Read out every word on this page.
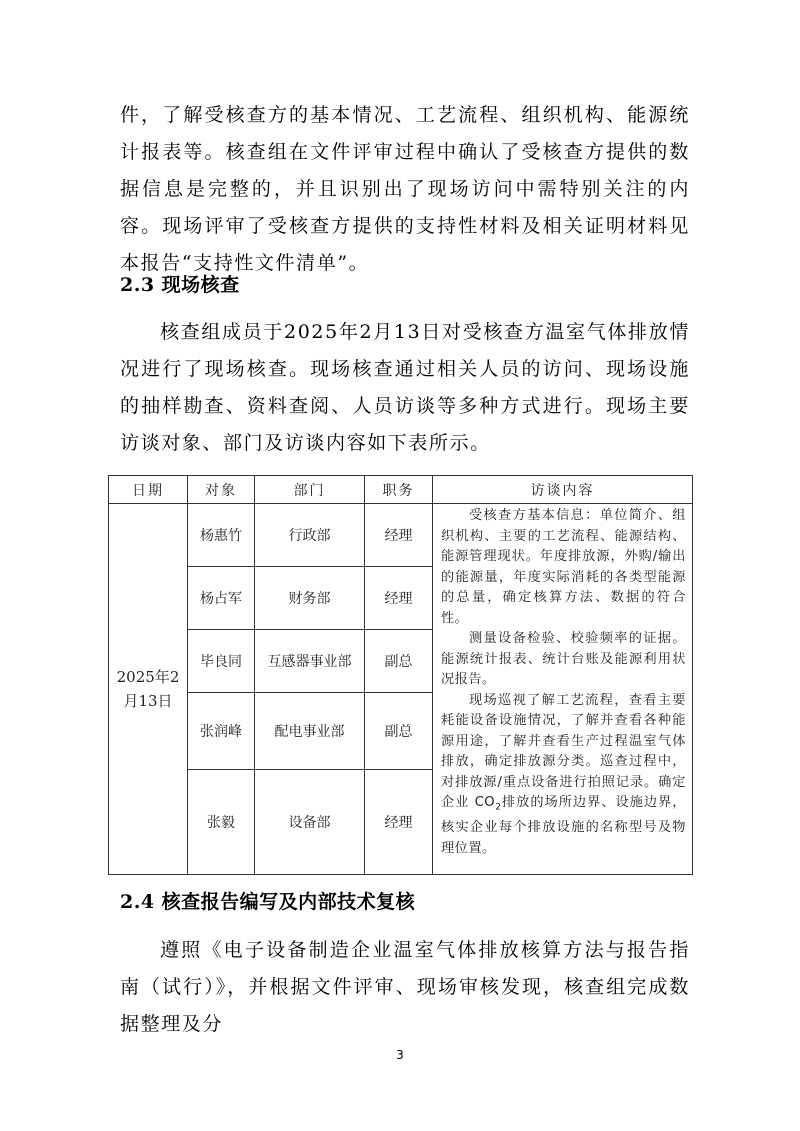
件，了解受核查方的基本情况、工艺流程、组织机构、能源统计报表等。核查组在文件评审过程中确认了受核查方提供的数据信息是完整的，并且识别出了现场访问中需特别关注的内容。现场评审了受核查方提供的支持性材料及相关证明材料见本报告“支持性文件清单”。

2.3 现场核查

核查组成员于2025年2月13日对受核查方温室气体排放情况进行了现场核查。现场核查通过相关人员的访问、现场设施的抽样勘查、资料查阅、人员访谈等多种方式进行。现场主要访谈对象、部门及访谈内容如下表所示。

日期	对象	部门	职务	访谈内容
2025年2月13日	杨惠竹	行政部	经理	受核查方基本信息：单位简介、组织机构、主要的工艺流程、能源结构、能源管理现状。年度排放源，外购/输出的能源量，年度实际消耗的各类型能源的总量，确定核算方法、数据的符合性。

测量设备检验、校验频率的证据。能源统计报表、统计台账及能源利用状况报告。

现场巡视了解工艺流程，查看主要耗能设备设施情况，了解并查看各种能源用途，了解并查看生产过程温室气体排放，确定排放源分类。巡查过程中，对排放源/重点设备进行拍照记录。确定企业 $CO_2$排放的场所边界、设施边界，核实企业每个排放设施的名称型号及物理位置。

	杨占军	财务部	经理	
	毕良同	互感器事业部	副总	
	张润峰	配电事业部	副总	
	张毅	设备部	经理	
2.4 核查报告编写及内部技术复核

遵照《电子设备制造企业温室气体排放核算方法与报告指南（试行）》，并根据文件评审、现场审核发现，核查组完成数据整理及分

3
